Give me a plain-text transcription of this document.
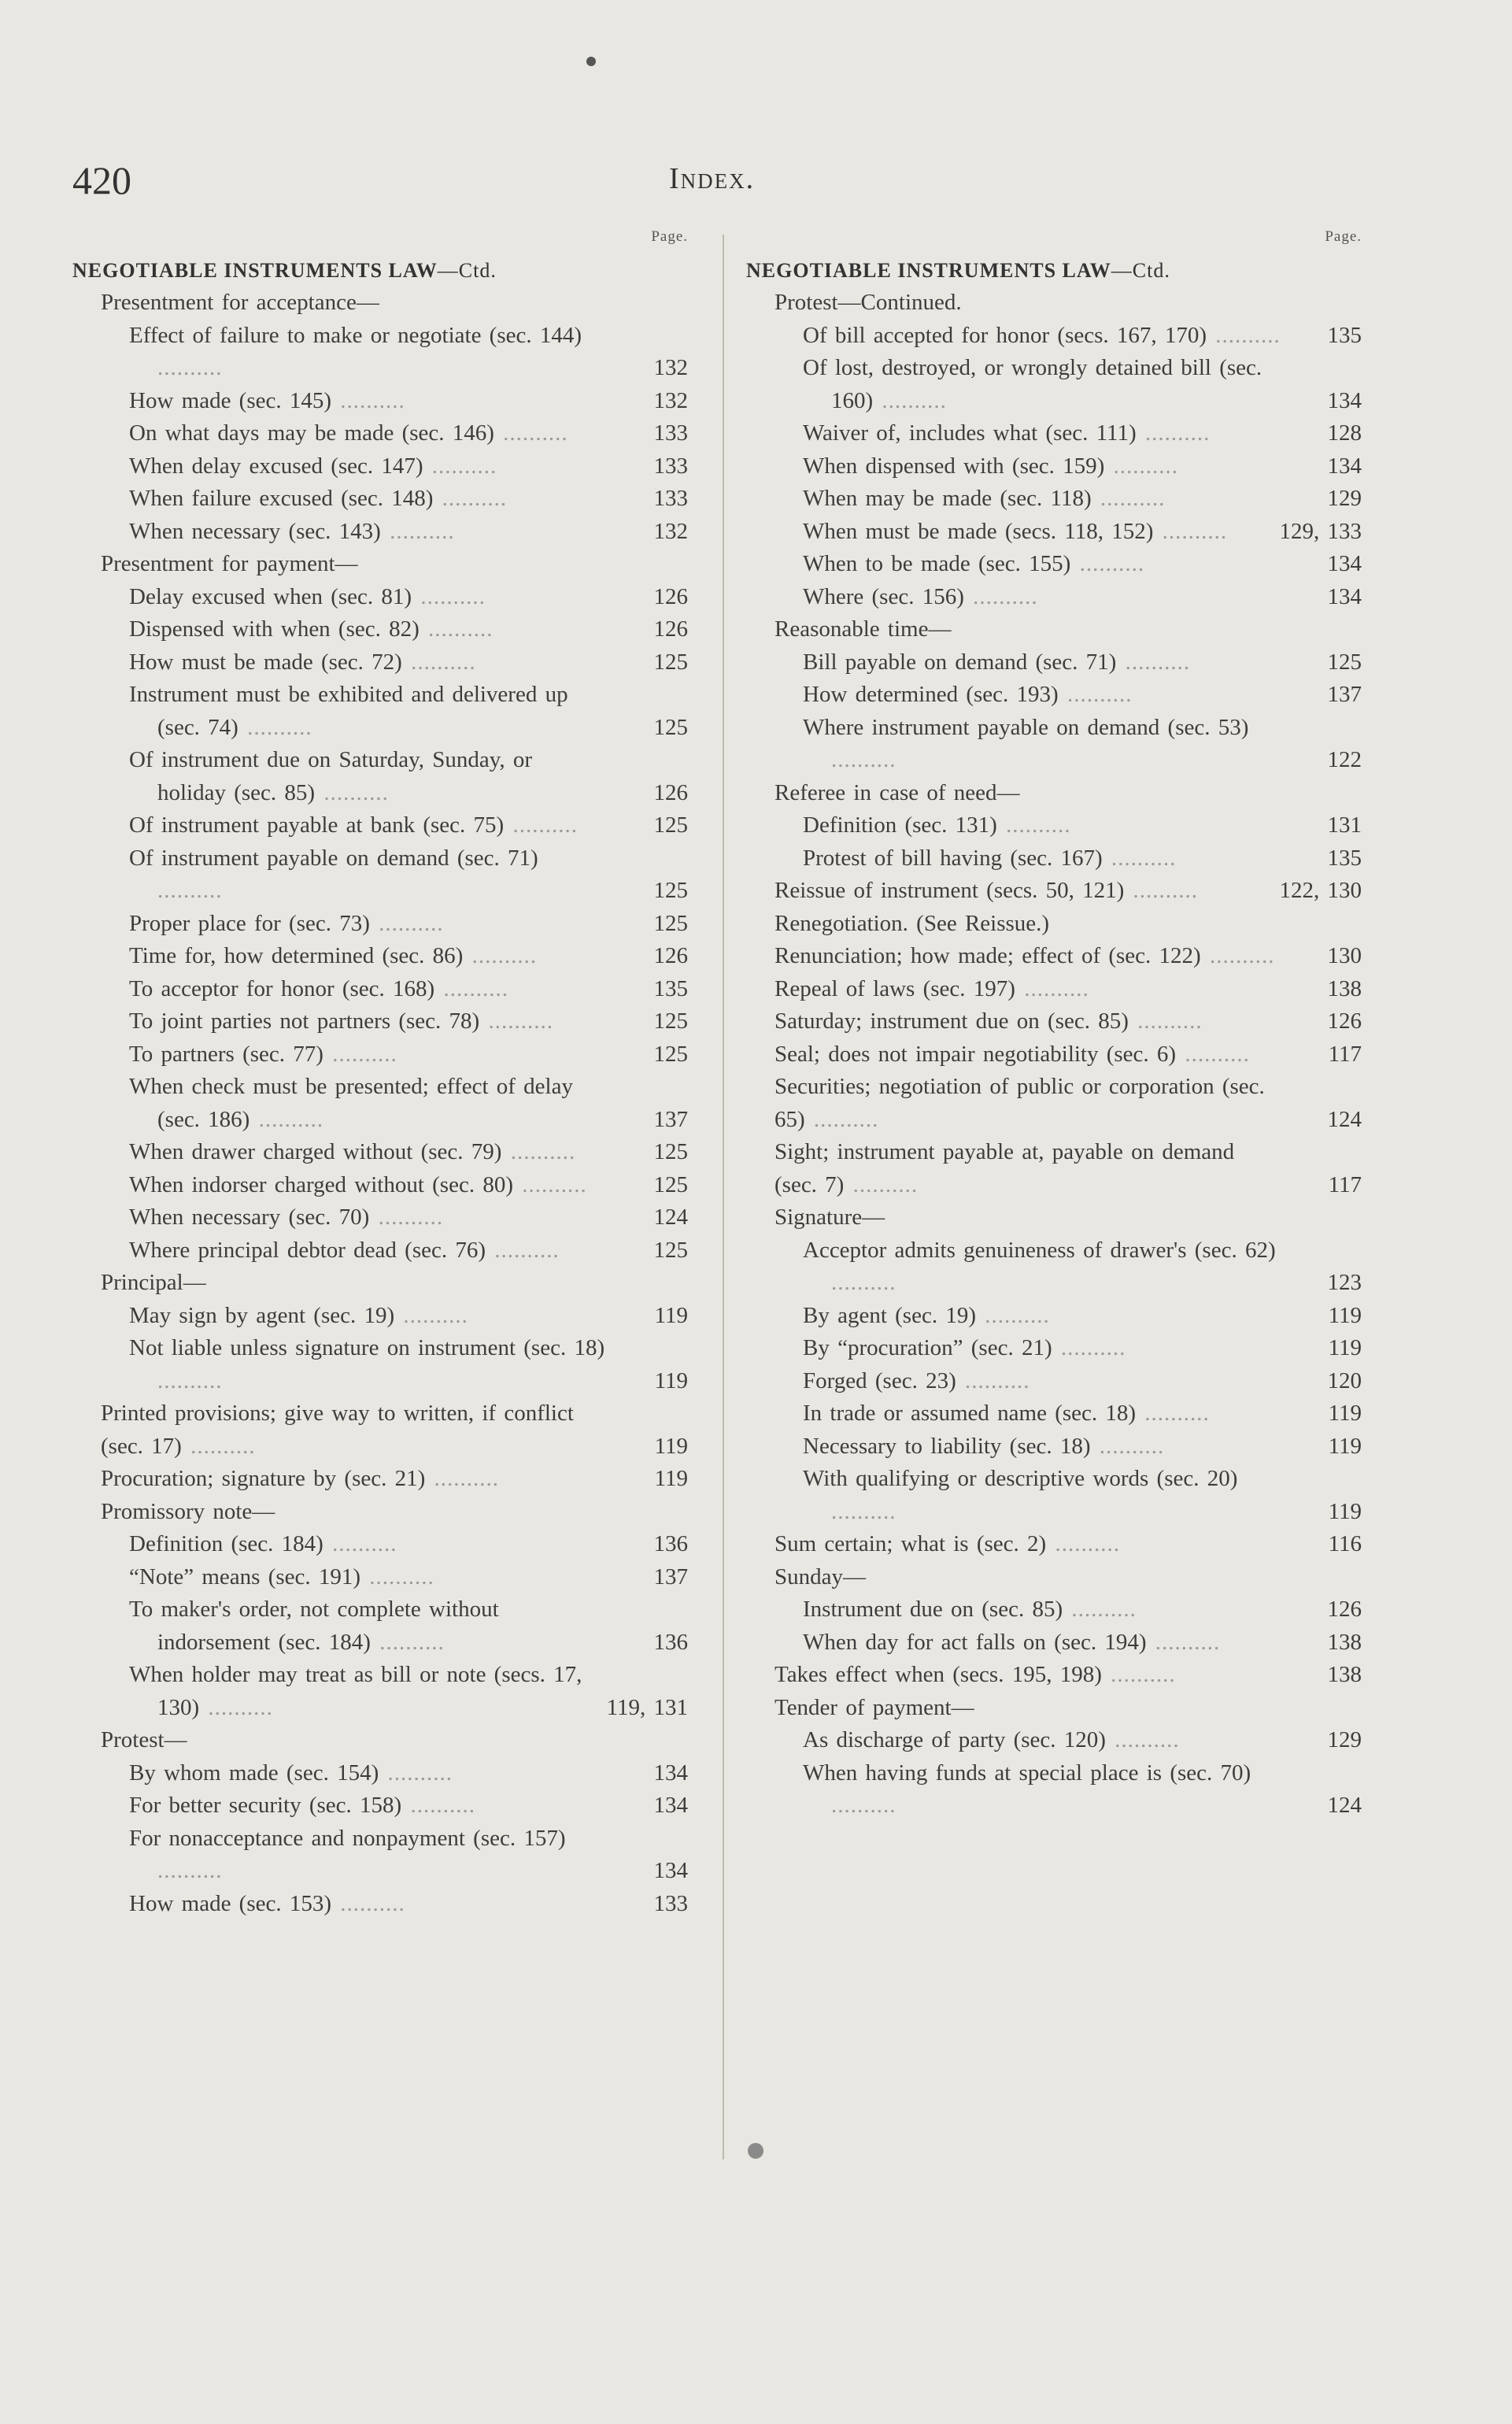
420	Index.
Page.
NEGOTIABLE INSTRUMENTS LAW—Ctd.
Presentment for acceptance—
Effect of failure to make or negotiate (sec. 144) ..........	132
How made (sec. 145) ..........	132
On what days may be made (sec. 146) ..........	133
When delay excused (sec. 147) ..........	133
When failure excused (sec. 148) ..........	133
When necessary (sec. 143) ..........	132
Presentment for payment—
Delay excused when (sec. 81) ..........	126
Dispensed with when (sec. 82) ..........	126
How must be made (sec. 72) ..........	125
Instrument must be exhibited and delivered up (sec. 74) ..........	125
Of instrument due on Saturday, Sunday, or holiday (sec. 85) ..........	126
Of instrument payable at bank (sec. 75) ..........	125
Of instrument payable on demand (sec. 71) ..........	125
Proper place for (sec. 73) ..........	125
Time for, how determined (sec. 86) ..........	126
To acceptor for honor (sec. 168) ..........	135
To joint parties not partners (sec. 78) ..........	125
To partners (sec. 77) ..........	125
When check must be presented; effect of delay (sec. 186) ..........	137
When drawer charged without (sec. 79) ..........	125
When indorser charged without (sec. 80) ..........	125
When necessary (sec. 70) ..........	124
Where principal debtor dead (sec. 76) ..........	125
Principal—
May sign by agent (sec. 19) ..........	119
Not liable unless signature on instrument (sec. 18) ..........	119
Printed provisions; give way to written, if conflict (sec. 17) ..........	119
Procuration; signature by (sec. 21) ..........	119
Promissory note—
Definition (sec. 184) ..........	136
“Note” means (sec. 191) ..........	137
To maker's order, not complete without indorsement (sec. 184) ..........	136
When holder may treat as bill or note (secs. 17, 130) ..........	119, 131
Protest—
By whom made (sec. 154) ..........	134
For better security (sec. 158) ..........	134
For nonacceptance and nonpayment (sec. 157) ..........	134
How made (sec. 153) ..........	133
Page.
NEGOTIABLE INSTRUMENTS LAW—Ctd.
Protest—Continued.
Of bill accepted for honor (secs. 167, 170) .......... 135
Of lost, destroyed, or wrongly detained bill (sec. 160) ..........	134
Waiver of, includes what (sec. 111) ..........	128
When dispensed with (sec. 159) ..........	134
When may be made (sec. 118) ..........	129
When must be made (secs. 118, 152) .......... 129, 133
When to be made (sec. 155) ..........	134
Where (sec. 156) ..........	134
Reasonable time—
Bill payable on demand (sec. 71) ..........	125
How determined (sec. 193) ..........	137
Where instrument payable on demand (sec. 53) ..........	122
Referee in case of need—
Definition (sec. 131) ..........	131
Protest of bill having (sec. 167) ..........	135
Reissue of instrument (secs. 50, 121) ..........	122, 130
Renegotiation. (See Reissue.)
Renunciation; how made; effect of (sec. 122) .......... 130
Repeal of laws (sec. 197) ..........	138
Saturday; instrument due on (sec. 85) ..........	126
Seal; does not impair negotiability (sec. 6) ..........	117
Securities; negotiation of public or corporation (sec. 65) ..........	124
Sight; instrument payable at, payable on demand (sec. 7) ..........	117
Signature—
Acceptor admits genuineness of drawer's (sec. 62) ..........	123
By agent (sec. 19) ..........	119
By “procuration” (sec. 21) ..........	119
Forged (sec. 23) ..........	120
In trade or assumed name (sec. 18) ..........	119
Necessary to liability (sec. 18) ..........	119
With qualifying or descriptive words (sec. 20) ..........	119
Sum certain; what is (sec. 2) ..........	116
Sunday—
Instrument due on (sec. 85) ..........	126
When day for act falls on (sec. 194) ..........	138
Takes effect when (secs. 195, 198) ..........	138
Tender of payment—
As discharge of party (sec. 120) ..........	129
When having funds at special place is (sec. 70) ..........	124
